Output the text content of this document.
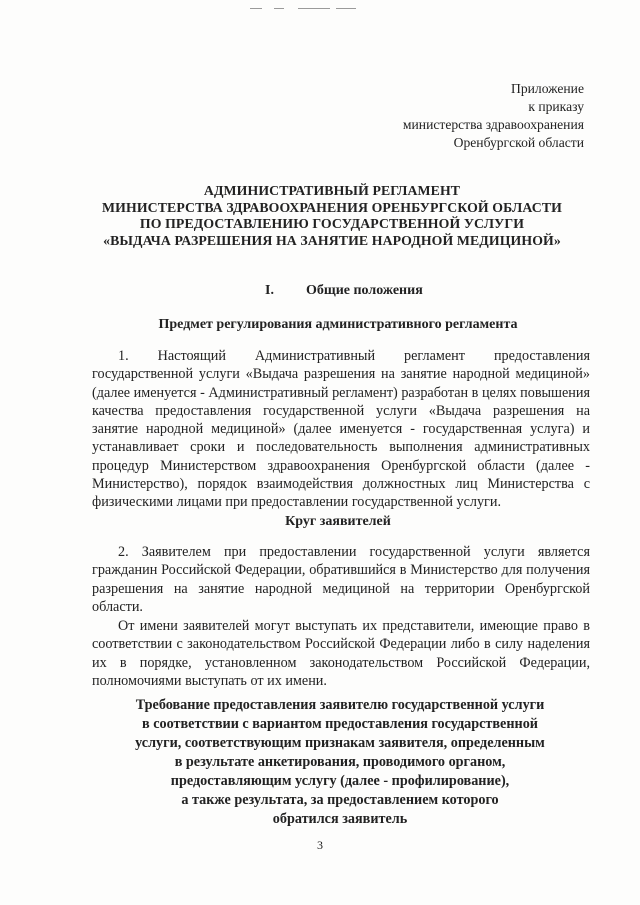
Приложение
к приказу
министерства здравоохранения
Оренбургской области
АДМИНИСТРАТИВНЫЙ РЕГЛАМЕНТ
МИНИСТЕРСТВА ЗДРАВООХРАНЕНИЯ ОРЕНБУРГСКОЙ ОБЛАСТИ
ПО ПРЕДОСТАВЛЕНИЮ ГОСУДАРСТВЕННОЙ УСЛУГИ
«ВЫДАЧА РАЗРЕШЕНИЯ НА ЗАНЯТИЕ НАРОДНОЙ МЕДИЦИНОЙ»
I. Общие положения
Предмет регулирования административного регламента
1. Настоящий Административный регламент предоставления государственной услуги «Выдача разрешения на занятие народной медициной» (далее именуется - Административный регламент) разработан в целях повышения качества предоставления государственной услуги «Выдача разрешения на занятие народной медициной» (далее именуется - государственная услуга) и устанавливает сроки и последовательность выполнения административных процедур Министерством здравоохранения Оренбургской области (далее - Министерство), порядок взаимодействия должностных лиц Министерства с физическими лицами при предоставлении государственной услуги.
Круг заявителей
2. Заявителем при предоставлении государственной услуги является гражданин Российской Федерации, обратившийся в Министерство для получения разрешения на занятие народной медициной на территории Оренбургской области.
От имени заявителей могут выступать их представители, имеющие право в соответствии с законодательством Российской Федерации либо в силу наделения их в порядке, установленном законодательством Российской Федерации, полномочиями выступать от их имени.
Требование предоставления заявителю государственной услуги
в соответствии с вариантом предоставления государственной
услуги, соответствующим признакам заявителя, определенным
в результате анкетирования, проводимого органом,
предоставляющим услугу (далее - профилирование),
а также результата, за предоставлением которого
обратился заявитель
3
